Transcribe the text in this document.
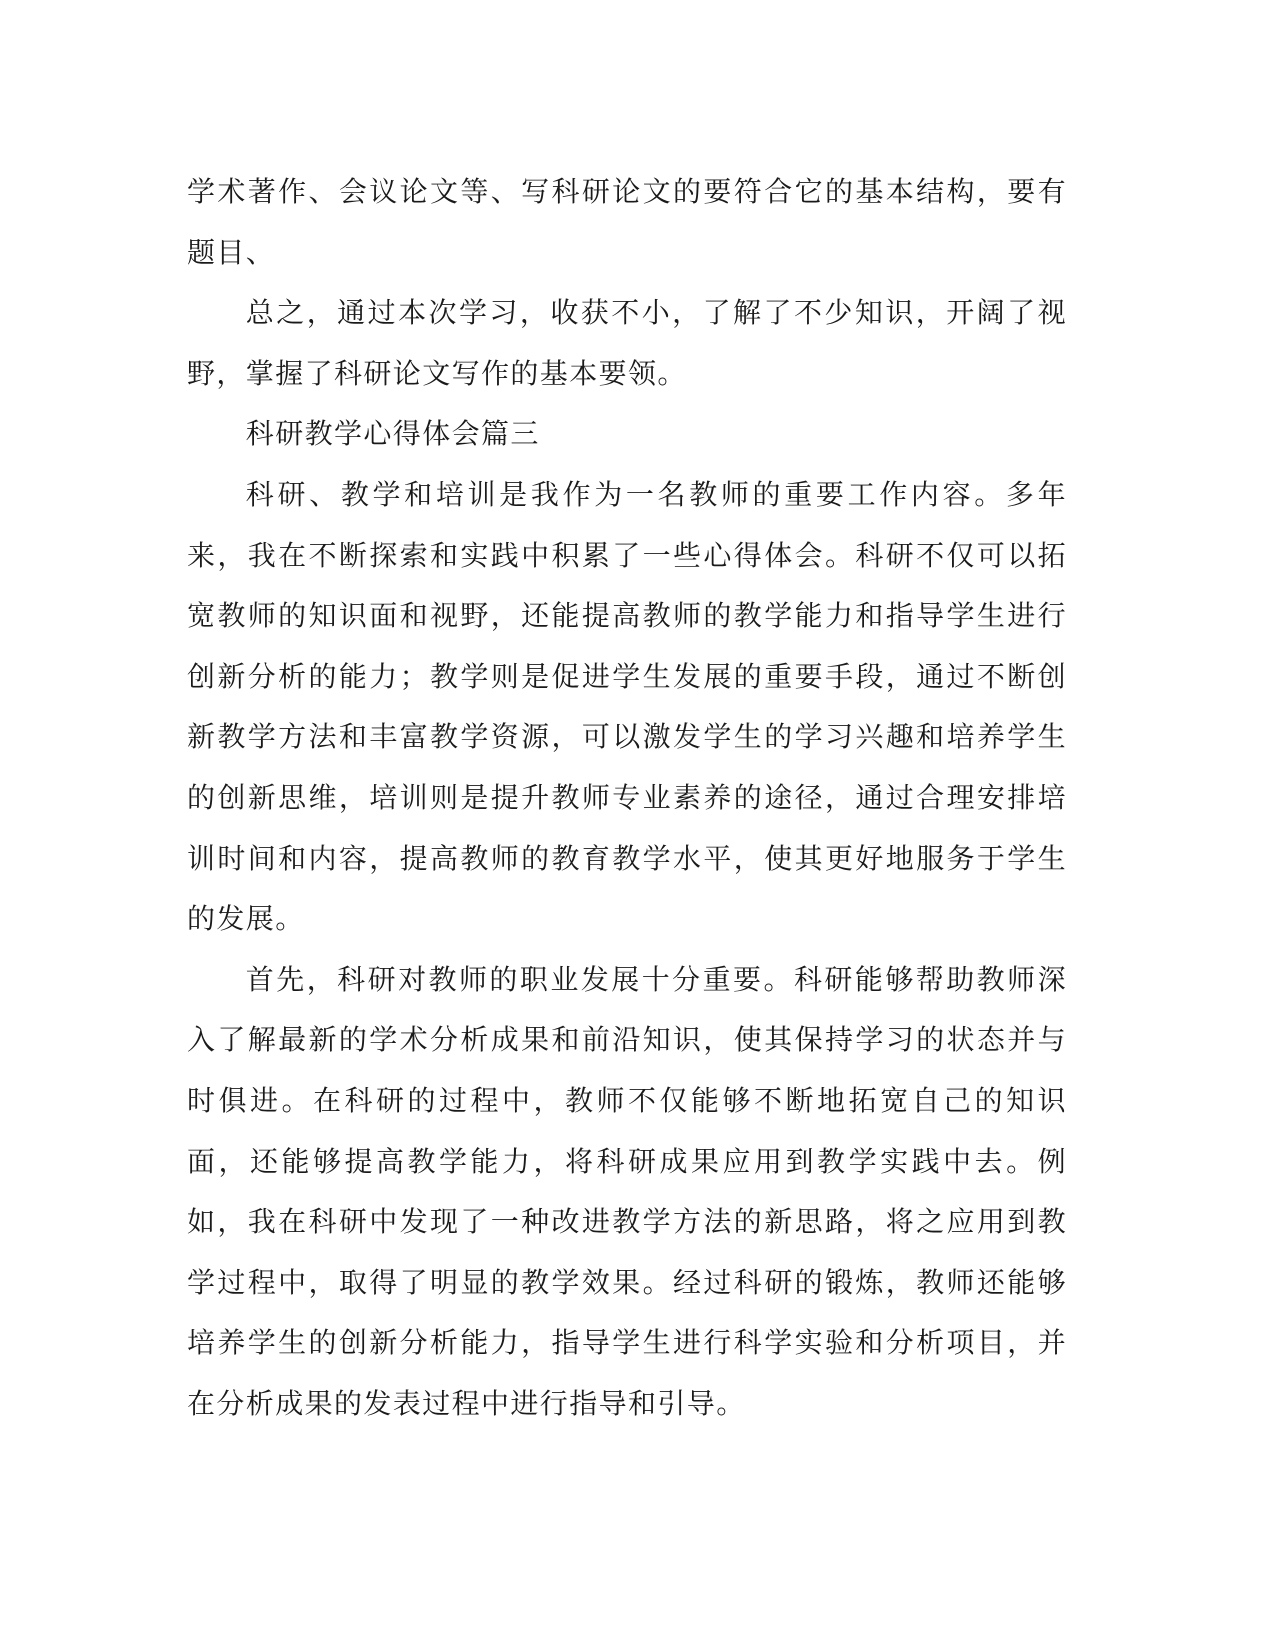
学术著作、会议论文等、写科研论文的要符合它的基本结构，要有题目、

总之，通过本次学习，收获不小，了解了不少知识，开阔了视野，掌握了科研论文写作的基本要领。

科研教学心得体会篇三

科研、教学和培训是我作为一名教师的重要工作内容。多年来，我在不断探索和实践中积累了一些心得体会。科研不仅可以拓宽教师的知识面和视野，还能提高教师的教学能力和指导学生进行创新分析的能力；教学则是促进学生发展的重要手段，通过不断创新教学方法和丰富教学资源，可以激发学生的学习兴趣和培养学生的创新思维，培训则是提升教师专业素养的途径，通过合理安排培训时间和内容，提高教师的教育教学水平，使其更好地服务于学生的发展。

首先，科研对教师的职业发展十分重要。科研能够帮助教师深入了解最新的学术分析成果和前沿知识，使其保持学习的状态并与时俱进。在科研的过程中，教师不仅能够不断地拓宽自己的知识面，还能够提高教学能力，将科研成果应用到教学实践中去。例如，我在科研中发现了一种改进教学方法的新思路，将之应用到教学过程中，取得了明显的教学效果。经过科研的锻炼，教师还能够培养学生的创新分析能力，指导学生进行科学实验和分析项目，并在分析成果的发表过程中进行指导和引导。
